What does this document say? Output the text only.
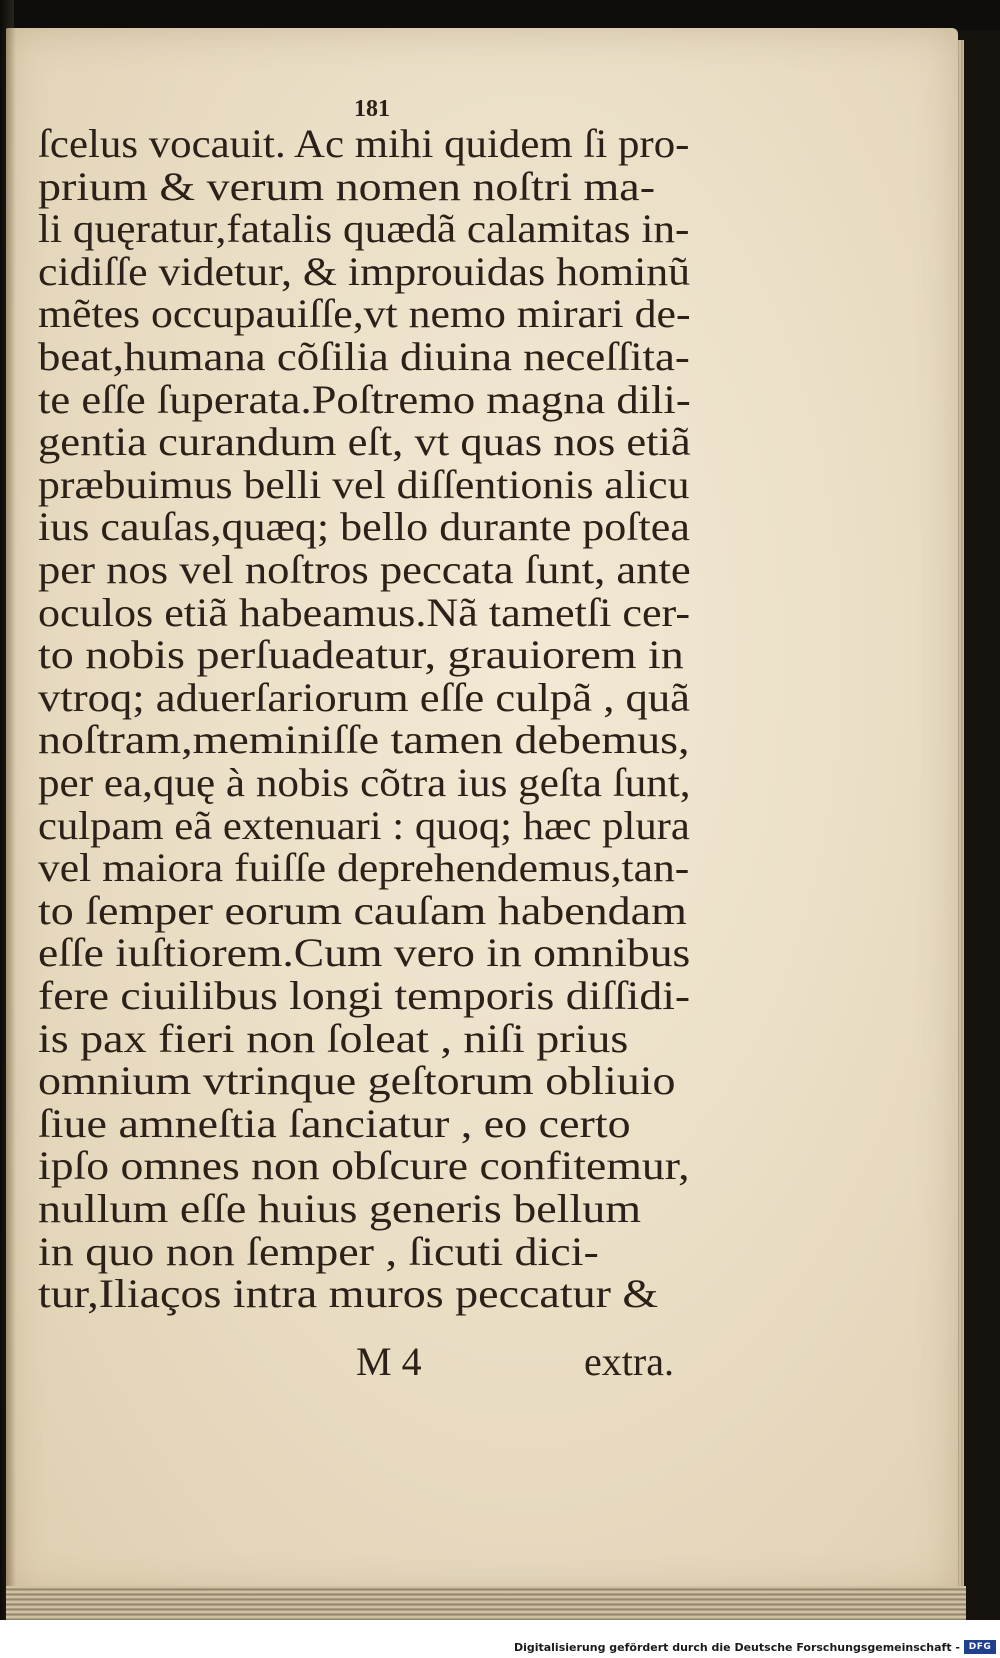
181
ſcelus vocauit. Ac mihi quidem ſi pro-
prium & verum nomen noſtri ma-
li quęratur,fatalis quædã calamitas in-
cidiſſe videtur, & improuidas hominũ
mẽtes occupauiſſe,vt nemo mirari de-
beat,humana cõſilia diuina neceſſita-
te eſſe ſuperata.Poſtremo magna dili-
gentia curandum eſt, vt quas nos etiã
præbuimus belli vel diſſentionis alicu
ius cauſas,quæq; bello durante poſtea
per nos vel noſtros peccata ſunt, ante
oculos etiã habeamus.Nã tametſi cer-
to nobis perſuadeatur, grauiorem in
vtroq; aduerſariorum eſſe culpã , quã
noſtram,meminiſſe tamen debemus,
per ea,quę à nobis cõtra ius geſta ſunt,
culpam eã extenuari : quoq; hæc plura
vel maiora fuiſſe deprehendemus,tan-
to ſemper eorum cauſam habendam
eſſe iuſtiorem.Cum vero in omnibus
fere ciuilibus longi temporis diſſidi-
is pax fieri non ſoleat , niſi prius
omnium vtrinque geſtorum obliuio
ſiue amneſtia ſanciatur , eo certo
ipſo omnes non obſcure confitemur,
nullum eſſe huius generis bellum
in quo non ſemper , ſicuti dici-
tur,Iliaços intra muros peccatur &
M 4	extra.
Digitalisierung gefördert durch die Deutsche Forschungsgemeinschaft - DFG
